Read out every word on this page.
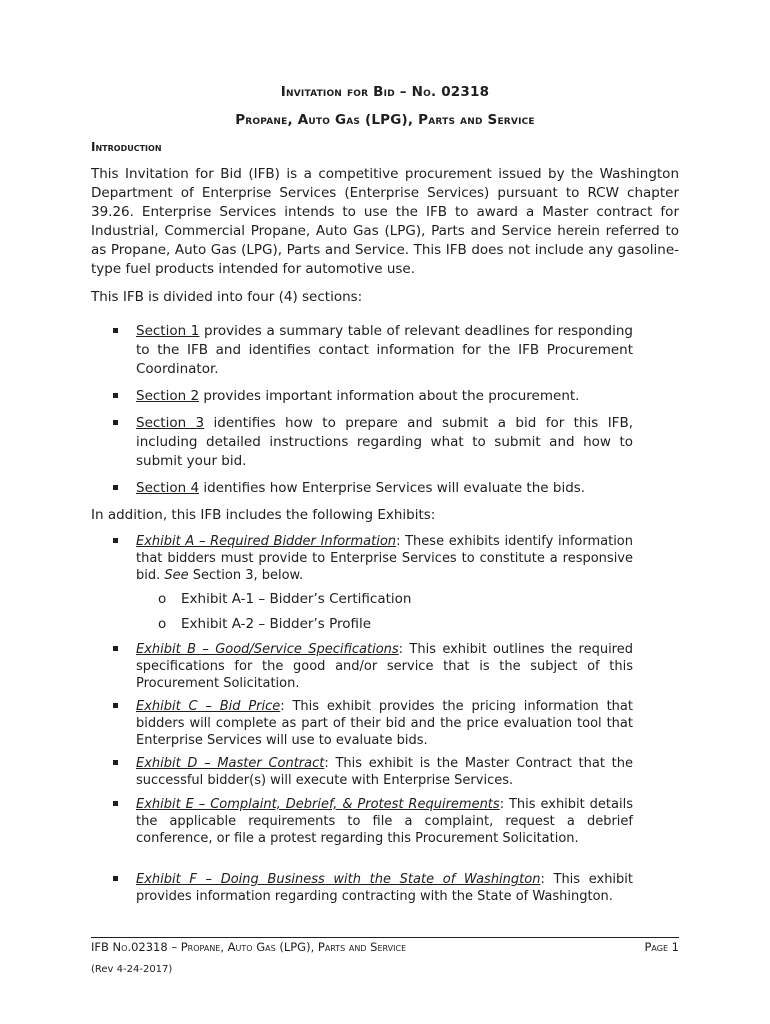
Invitation for Bid – No. 02318
Propane, Auto Gas (LPG), Parts and Service
Introduction

This Invitation for Bid (IFB) is a competitive procurement issued by the Washington Department of Enterprise Services (Enterprise Services) pursuant to RCW chapter 39.26. Enterprise Services intends to use the IFB to award a Master contract for Industrial, Commercial Propane, Auto Gas (LPG), Parts and Service herein referred to as Propane, Auto Gas (LPG), Parts and Service. This IFB does not include any gasoline-type fuel products intended for automotive use.

This IFB is divided into four (4) sections:

Section 1 provides a summary table of relevant deadlines for responding to the IFB and identifies contact information for the IFB Procurement Coordinator.
Section 2 provides important information about the procurement.
Section 3 identifies how to prepare and submit a bid for this IFB, including detailed instructions regarding what to submit and how to submit your bid.
Section 4 identifies how Enterprise Services will evaluate the bids.

In addition, this IFB includes the following Exhibits:

Exhibit A – Required Bidder Information: These exhibits identify information that bidders must provide to Enterprise Services to constitute a responsive bid. See Section 3, below.
o Exhibit A-1 – Bidder’s Certification
o Exhibit A-2 – Bidder’s Profile
Exhibit B – Good/Service Specifications: This exhibit outlines the required specifications for the good and/or service that is the subject of this Procurement Solicitation.
Exhibit C – Bid Price: This exhibit provides the pricing information that bidders will complete as part of their bid and the price evaluation tool that Enterprise Services will use to evaluate bids.
Exhibit D – Master Contract: This exhibit is the Master Contract that the successful bidder(s) will execute with Enterprise Services.
Exhibit E – Complaint, Debrief, & Protest Requirements: This exhibit details the applicable requirements to file a complaint, request a debrief conference, or file a protest regarding this Procurement Solicitation.
Exhibit F – Doing Business with the State of Washington: This exhibit provides information regarding contracting with the State of Washington.
IFB No.02318 – Propane, Auto Gas (LPG), Parts and Service	Page 1
(Rev 4-24-2017)
